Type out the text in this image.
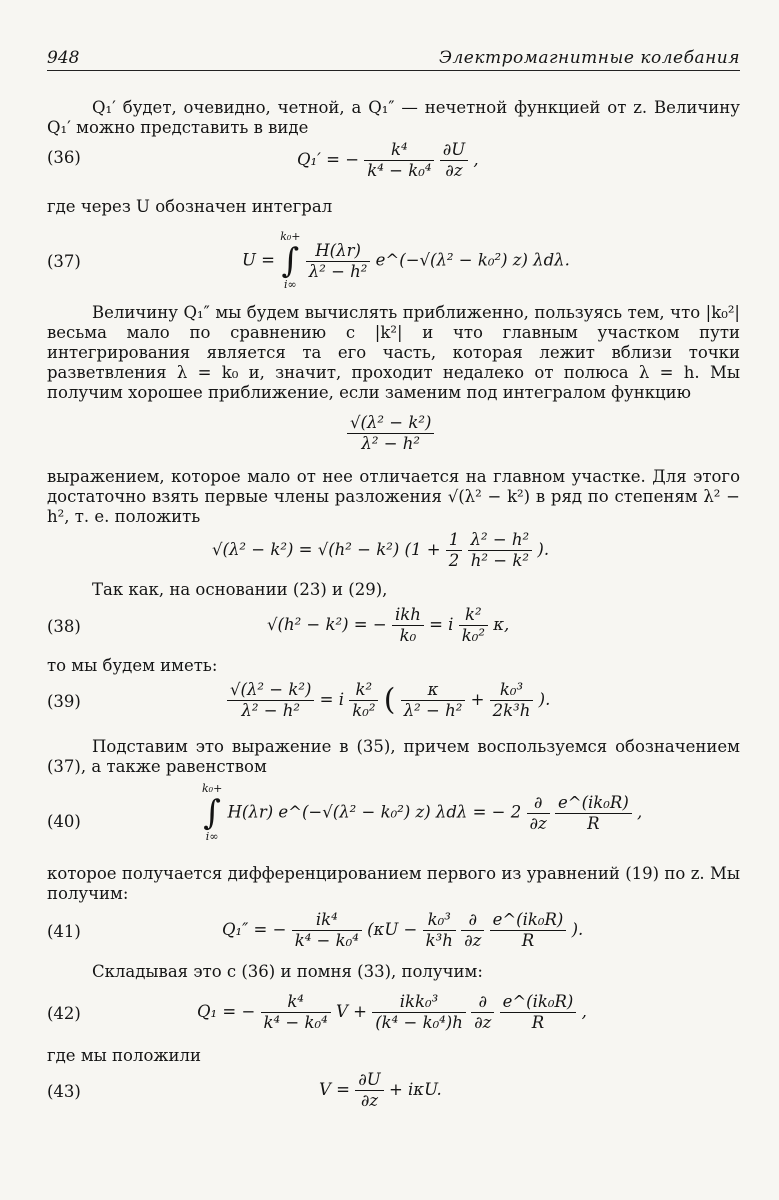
948	Электромагнитные колебания

Q₁′ будет, очевидно, четной, а Q₁″ — нечетной функцией от z. Величину Q₁′ можно представить в виде

(36)	Q₁′ = − $\frac{\text{k⁴}}{\text{k⁴ − k₀⁴}}$
$\frac{\partial U}{\partial z}$ ,

где через U обозначен интеграл

(37)	U =
k₀+
∫
i∞

$\frac{H(\lambda r)}{\text{λ² − h²}}$ e^(−√(λ² − k₀²) z) λdλ.

Величину Q₁″ мы будем вычислять приближенно, пользуясь тем, что |k₀²| весьма мало по сравнению с |k²| и что главным участком пути интегрирования является та его часть, которая лежит вблизи точки разветвления λ = k₀ и, значит, проходит недалеко от полюса λ = h. Мы получим хорошее приближение, если заменим под интегралом функцию

$\frac{\text{√(λ² − k²)}}{\text{λ² − h²}}$

выражением, которое мало от нее отличается на главном участке. Для этого достаточно взять первые члены разложения √(λ² − k²) в ряд по степеням λ² − h², т. е. положить

√(λ² − k²) = √(h² − k²) ($1 + \frac{1}{2}$
$\frac{\text{λ² − h²}}{\text{h² − k²}}$ ).

Так как, на основании (23) и (29),

(38)	√(h² − k²) = − $\frac{\text{ikh}}{\text{k₀}} = i \frac{\text{k²}}{\text{k₀²}} \kappa$,

то мы будем иметь:

(39)	$\frac{\text{√(λ² − k²)}}{\text{λ² − h²}} = i \frac{\text{k²}}{\text{k₀²}}$ ( $\frac{\kappa}{\text{λ² − h²}} + \frac{\text{k₀³}}{\text{2k³h}}$ ).

Подставим это выражение в (35), причем воспользуемся обозначением (37), а также равенством

(40)
k₀+
∫
i∞
H(λr) e^(−√(λ² − k₀²) z) λdλ = − $2 \frac{\partial}{\partial z}$
$\frac{\text{e\textasciicircum{}(ik₀R)}}{R}$ ,

которое получается дифференцированием первого из уравнений (19) по z. Мы получим:

(41)	Q₁″ = − $\frac{\text{ik⁴}}{\text{k⁴ − k₀⁴}} (\kappa U - \frac{\text{k₀³}}{\text{k³h}}$
$\frac{\partial}{\partial z}$
$\frac{\text{e\textasciicircum{}(ik₀R)}}{R}$ ).

Складывая это с (36) и помня (33), получим:

(42)	Q₁ = − $\frac{\text{k⁴}}{\text{k⁴ − k₀⁴}}$ $V + \frac{\text{ikk₀³}}{\text{(k⁴ − k₀⁴)h}}$
$\frac{\partial}{\partial z}$
$\frac{\text{e\textasciicircum{}(ik₀R)}}{R}$ ,

где мы положили

(43)	$V = \frac{\partial U}{\partial z} + i\kappa U$.
